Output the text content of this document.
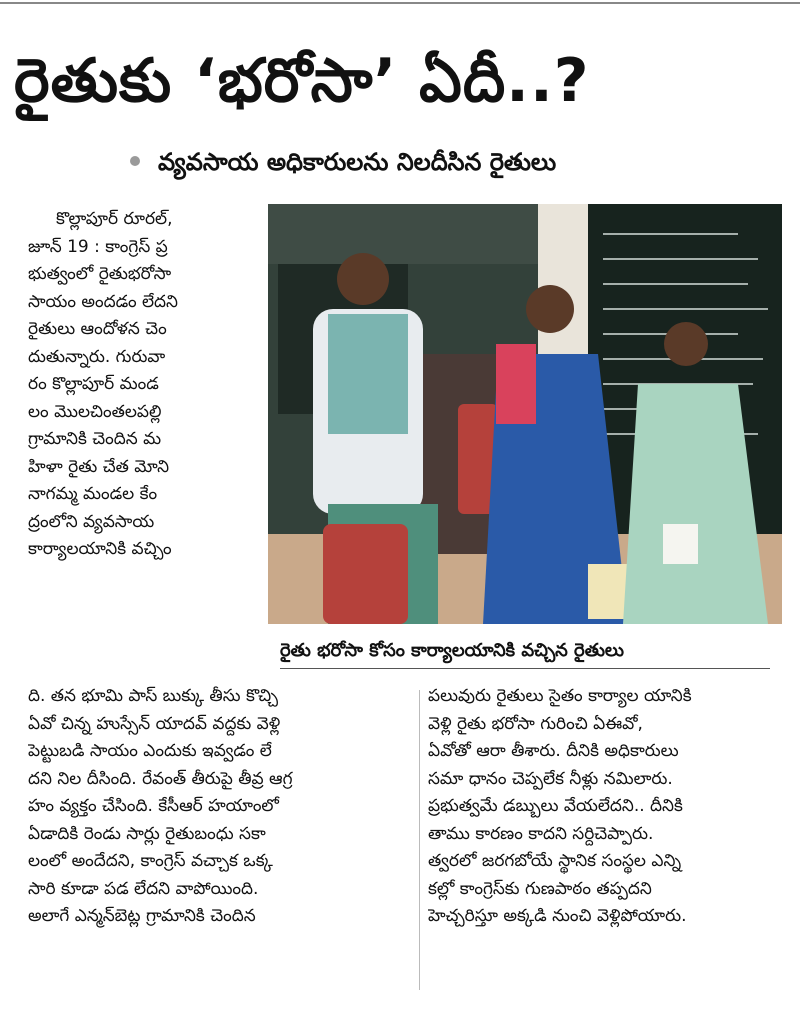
రైతుకు ‘భరోసా’ ఏదీ..?
వ్యవసాయ అధికారులను నిలదీసిన రైతులు
కొల్లాపూర్ రూరల్,
జూన్ 19 : కాంగ్రెస్ ప్ర
భుత్వంలో రైతుభరోసా
సాయం అందడం లేదని
రైతులు ఆందోళన చెం
దుతున్నారు. గురువా
రం కొల్లాపూర్ మండ
లం మొలచింతలపల్లి
గ్రామానికి చెందిన మ
హిళా రైతు చేత మోని
నాగమ్మ మండల కేం
ద్రంలోని వ్యవసాయ
కార్యాలయానికి వచ్చిం
రైతు భరోసా కోసం కార్యాలయానికి వచ్చిన రైతులు
ది. తన భూమి పాస్ బుక్కు తీసు కొచ్చి
ఏవో చిన్న హుస్సేన్ యాదవ్ వద్దకు వెళ్లి
పెట్టుబడి సాయం ఎందుకు ఇవ్వడం లే
దని నిల దీసింది. రేవంత్ తీరుపై తీవ్ర ఆగ్ర
హం వ్యక్తం చేసింది. కేసీఆర్ హయాంలో
ఏడాదికి రెండు సార్లు రైతుబంధు సకా
లంలో అందేదని, కాంగ్రెస్ వచ్చాక ఒక్క
సారి కూడా పడ లేదని వాపోయింది.
అలాగే ఎన్మన్‌బెట్ల గ్రామానికి చెందిన
పలువురు రైతులు సైతం కార్యాల యానికి
వెళ్లి రైతు భరోసా గురించి ఏఈవో,
ఏవోతో ఆరా తీశారు. దీనికి అధికారులు
సమా ధానం చెప్పలేక నీళ్లు నమిలారు.
ప్రభుత్వమే డబ్బులు వేయలేదని.. దీనికి
తాము కారణం కాదని సర్దిచెప్పారు.
త్వరలో జరగబోయే స్థానిక సంస్థల ఎన్ని
కల్లో కాంగ్రెస్‌కు గుణపాఠం తప్పదని
హెచ్చరిస్తూ అక్కడి నుంచి వెళ్లిపోయారు.
